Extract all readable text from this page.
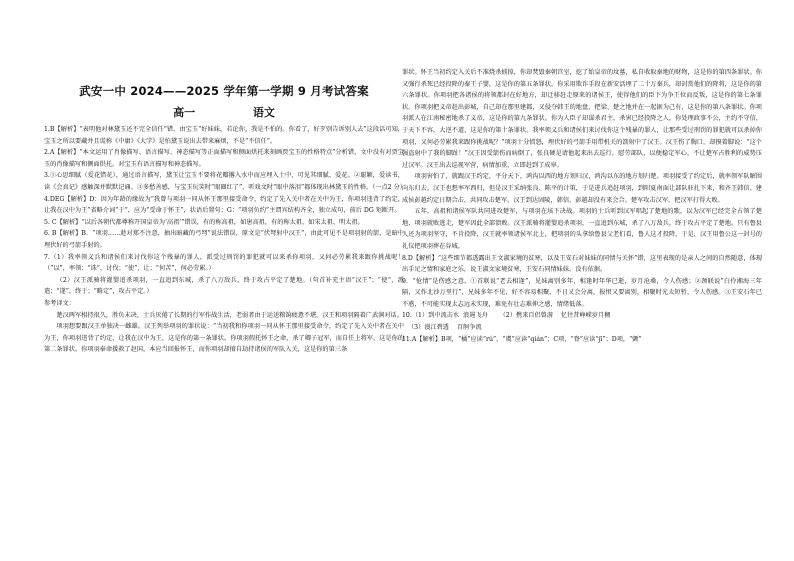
武安一中 2024——2025 学年第一学期 9 月考试答案
高一	语文

1.B【解析】“表明他对林黛玉还不完全信任”错，由宝玉“好妹妹，若论你，我是不怕的。你看了，好歹别告诉别人去”这段话可知，宝玉之所以要藏并且谎称《中庸》《大学》是怕黛玉说出去带来麻烦，不是“不信任”。

2.A【解析】“本文运用了肖像描写、语言描写、神态描写等正面描写和侧面烘托来刻画贾宝玉的性格特点”分析错，文中没有对贾宝玉的肖像描写和侧面烘托。对宝玉有语言描写和神态描写。

3.①心思细腻（爱花惜花），通过语言描写，黛玉让宝玉不要将花瓣撂入水中而应埋入土中，可见其细腻、爱花。②聪颖，爱读书，读《会真记》感触深并默默记诵。③多愁善感，与宝玉玩笑时“眼圈红了”，听戏文时“眼中落泪”都体现出林黛玉的性格。（一点2 分）

4.DEG【解析】D：因为年龄的缘故为“我曾与项羽一同从怀王那里接受命令，约定了先入关中者在关中为王，你项羽违背了约定，让我在汉中为王”省略介词“于”，应为“受命于怀王”，状语后置句；G：“项羽负约”主谓宾结构齐全，独立成句，前后 DG 矩断开。

5. C【解析】“以后各朝代都尊称开国皇帝为‘高祖’”错误，有的称高祖，如唐高祖，有的称太祖，如宋太祖、明太祖。

6. B【解析】B．“项羽……趁对郑不注意，抽出暗藏的弓弩”说法错误，原文是“伏弩射中汉王”，由此可见不是项羽射的箭，是暗中埋伏好的弓箭手射的。

7.（1）我率领义兵和诸侯们来讨伐你这个残暴的罪人，派受过刑罚的罪犯就可以来杀你项羽，又何必劳累我来跟你挑战呢！（“以”，率领；“诛”，讨伐；“使”，让；“何苦”，何必劳累。）

（2）汉王派骑将灌婴追杀项羽，一直追到东城，杀了八万敌兵，终于攻占平定了楚地。（句首补充主语“汉王”；“使”，派遣；“遂”，终于；“略定”，攻占平定。）

参考译文：

楚汉两军相持很久，胜负未决，士兵厌倦了长期的行军作战生活，老弱者由于运送粮饷疲惫不堪。汉王和项羽隔着广武涧对话。

项羽想要跟汉王单独决一雌雄。汉王列举项羽的罪状说：“当初我和你项羽一同从怀王那里接受命令，约定了先入关中者在关中为王，你项羽违背了约定，让我在汉中为王，这是你的第一条罪状。你项羽假托怀王之命，杀了卿子冠军，而自任上将军，这是你的第二条罪状。你项羽奉命援救了赵国，本应当回报怀王，而你项羽却擅自劫持诸侯的军队入关，这是你的第三条

罪状。怀王当初约定入关后不准烧杀掳掠，你却焚毁秦朝宫室，挖了始皇帝的坟墓，私自收取秦地的财物，这是你的第四条罪状。你又强行杀死已经投降的秦王子婴，这是你的第五条罪状。你采用欺诈手段在新安活埋了二十万秦兵，却封赏他们的降将，这是你的第六条罪状。你项羽把各诸侯的将领都封在好地方，却迁移赶走原来的诸侯王，使得他们的臣下为争王位而反叛，这是你的第七条罪状。你项羽把义帝赶出彭城，自己却在那里建都，又侵夺韩王的地盘，把梁、楚之地并在一起据为己有，这是你的第八条罪状。你项羽派人在江南秘密地杀了义帝，这是你的第九条罪状。你为人臣子却谋杀君主，杀害已经投降之人，你处理政事不公，主约不守信，于天下不容，大逆不道，这是你的第十条罪状。我率领义兵和诸侯们来讨伐你这个残暴的罪人，让那些受过刑罚的罪犯就可以杀掉你项羽，又何必劳累我来跟你挑战呢？”项羽十分愤怒，埋伏好的弓箭手用带机关的箭射中了汉王。汉王伤了胸口，却摸着脚说：“这个强盗射中了我的脚趾！”汉王因受箭伤而病倒了，张良硬是请他起来出去巡行，慰劳部队，以便稳定军心，不让楚军占胜利的威势压过汉军。汉王出去巡视军营，病情加重，立即赶到了成皋。

项羽害怕了，就跟汉王约定，平分天下，鸿沟以西的地方划归汉，鸿沟以东的地方划归楚。项羽接受了约定后，就率领军队解围向东归去。汉王也想率军西归，但是汉王采纳张良、陈平的计策，于是进兵追赶项羽，到阳夏南面让部队驻扎下来，和齐王韩信、建成侯彭越约定日期合击，共同攻击楚军。汉王到达固陵，韩信、彭越却没有来会合。楚军攻击汉军，把汉军打得大败。

五年，高祖和诸侯军队共同进攻楚军，与项羽在垓下决战。项羽的士兵听到汉军唱起了楚地的歌，以为汉军已经完全占领了楚地，项羽就败逃走，楚军因此全部溃败。汉王派骑将灌婴追杀项羽，一直追到东城，杀了八万敌兵，终于攻占平定了楚地。只有鲁县人还为项羽坚守，不肯投降，汉王就率领诸侯军北上，把项羽的头拿给鲁县父老们看，鲁人这才投降，于是，汉王用鲁公这一封号的礼仪把项羽葬在谷城。

8.D【解析】“这些细节都透露出王文淑家境的贫寒，以及王安石对妹妹的同情与关怀”错，这里表现的是亲人之间的自然随意，体现出手足之情和家庭之乐，说王淑文家境贫寒，王安石同情妹妹，没有依据。

9．“怆情”是伤感之意。①首联说“老去相逢”，见妹离别多年，相逢时年华已逝，岁月沧桑，令人伤感；②颈联说“白伶湘海三年隔，又作北沙万里行”，兄妹多年不见，好不容易相聚，不日又会分离，报恨又要离别，相聚时光太短暂，令人伤感。③王安石年已不惑，不可能实现太志远未实现，难免有壮志难伸之感，情绪低落。

10.（1）到中流击水  浪遏飞舟 （2）携来百侣曾游    忆往昔峥嵘岁月稠

（3）漫江碧透    百舸争流

11.A【解析】B项，“橘”应读“rú”，“虞”应读“qián”；C项，“脊”应读“jī”；D项，“颤”
